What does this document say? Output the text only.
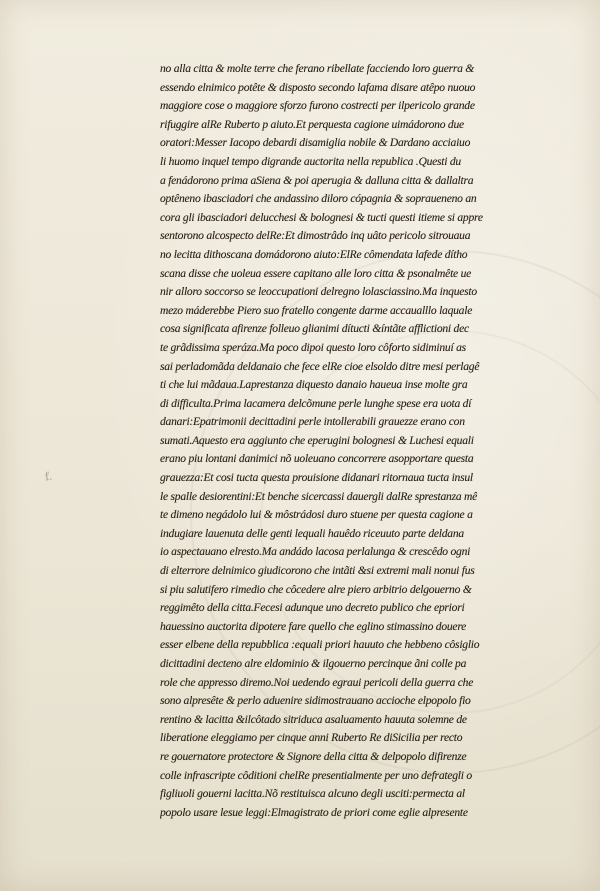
f.
no alla citta & molte terre che ferano ribellate facciendo loro guerra &
essendo elnimico potête & disposto secondo lafama disare atêpo nuouo
maggiore cose o maggiore sforzo furono costrecti per ilpericolo grande
rifuggire alRe Ruberto p aiuto.Et perquesta cagione uimádorono due
oratori:Messer Iacopo debardi disamiglia nobile & Dardano acciaiuo
li huomo inquel tempo digrande auctorita nella republica .Questi du
a fenádorono prima aSiena & poi aperugia & dalluna citta & dallaltra
optêneno ibasciadori che andassino diloro cópagnia & sopraueneno an
cora gli ibasciadori delucchesi & bolognesi & tucti questi itieme si appre
sentorono alcospecto delRe:Et dimostrâdo inq uâto pericolo sitrouaua
no lecitta dithoscana domádorono aiuto:ElRe cômendata lafede dítho
scana disse che uoleua essere capitano alle loro citta & psonalmête ue
nir alloro soccorso se leoccupationi delregno lolasciassino.Ma inquesto
mezo máderebbe Piero suo fratello congente darme accaualllo laquale
cosa significata afirenze folleuo glianimi dítucti &íntãte afflictioni dec
te grãdissima speráza.Ma poco dipoi questo loro côforto sidiminuí as
sai perladomãda deldanaio che fece elRe cioe elsoldo ditre mesi perlagê
ti che lui mãdaua.Laprestanza diquesto danaio haueua inse molte gra
di difficulta.Prima lacamera delcõmune perle lunghe spese era uota dí
danari:Epatrimonii decittadini perle intollerabili grauezze erano con
sumati.Aquesto era aggiunto che eperugini bolognesi & Luchesi equali
erano piu lontani danimici nõ uoleuano concorrere asopportare questa
grauezza:Et cosi tucta questa prouisione didanari ritornaua tucta insul
le spalle desiorentini:Et benche sicercassi dauergli dalRe sprestanza mê
te dimeno negádolo lui & môstrádosi duro stuene per questa cagione a
indugiare lauenuta delle genti lequali hauêdo riceuuto parte deldana
io aspectauano elresto.Ma andádo lacosa perlalunga & crescêdo ogni
di elterrore delnimico giudicorono che intãti &si extremi mali nonui fus
si piu salutifero rimedio che côcedere alre piero arbitrio delgouerno &
reggimêto della citta.Fecesi adunque uno decreto publico che epriori
hauessino auctorita dipotere fare quello che eglino stimassino douere
esser elbene della repubblica :equali priori hauuto che hebbeno côsiglio
dicittadini decteno alre eldominio & ilgouerno percinque ãni colle pa
role che appresso diremo.Noi uedendo egraui pericoli della guerra che
sono alpresête & perlo aduenire sidimostrauano accioche elpopolo fio
rentino & lacitta &ilcôtado sitriduca asaluamento hauuta solemne de
liberatione eleggiamo per cinque anni Ruberto Re diSicilia per recto
re gouernatore protectore & Signore della citta & delpopolo difirenze
colle infrascripte côditioni chelRe presentialmente per uno defrategli o
figliuoli gouerni lacitta.Nõ restituisca alcuno degli usciti:permecta al
popolo usare lesue leggi:Elmagistrato de priori come eglie alpresente
